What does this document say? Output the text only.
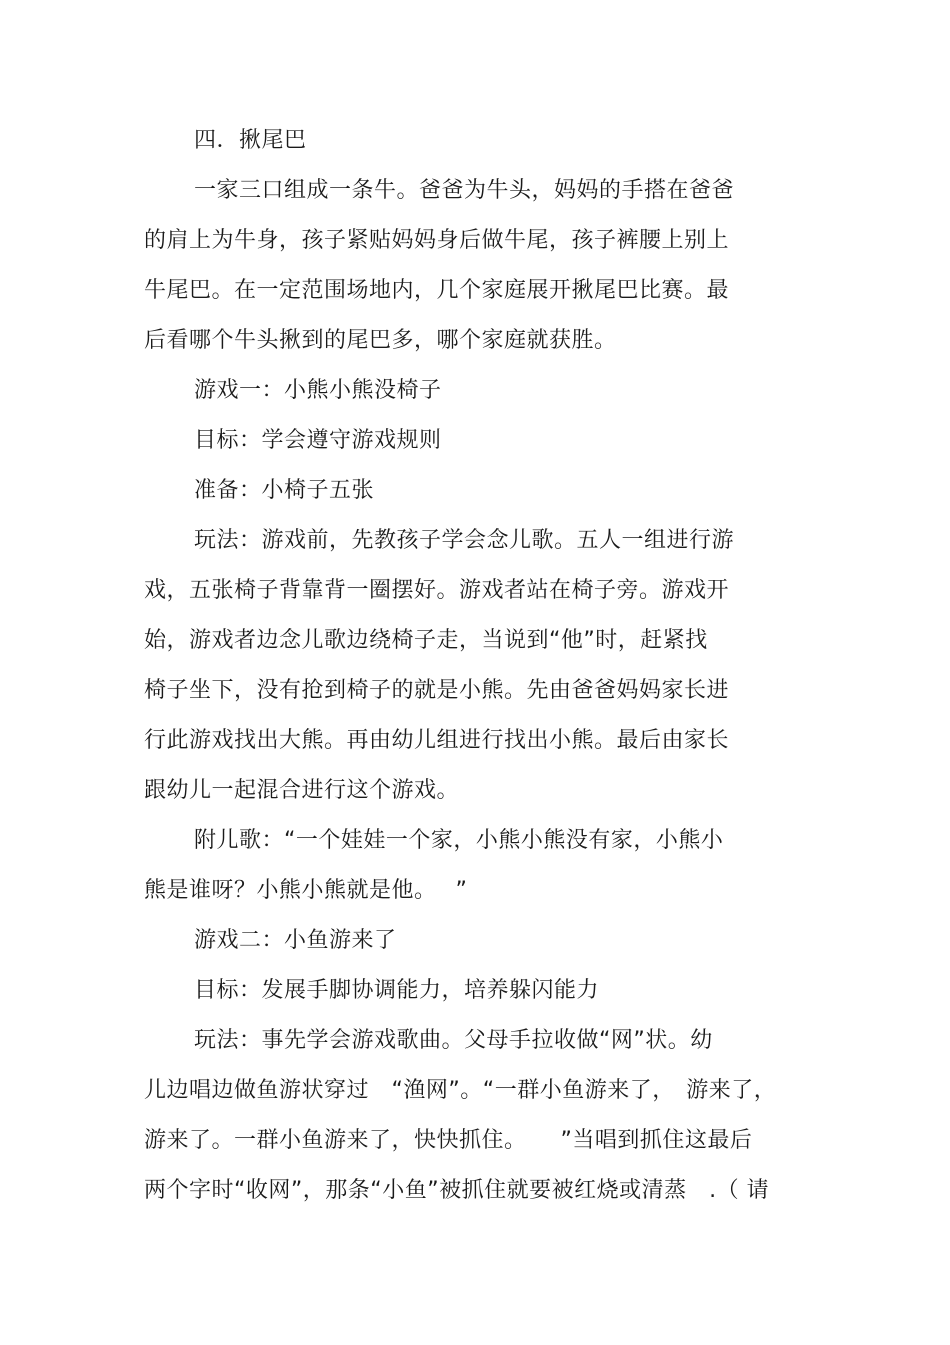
四．揪尾巴
一家三口组成一条牛。爸爸为牛头，妈妈的手搭在爸爸
的肩上为牛身，孩子紧贴妈妈身后做牛尾，孩子裤腰上别上
牛尾巴。在一定范围场地内，几个家庭展开揪尾巴比赛。最
后看哪个牛头揪到的尾巴多，哪个家庭就获胜。
游戏一：小熊小熊没椅子
目标：学会遵守游戏规则
准备：小椅子五张
玩法：游戏前，先教孩子学会念儿歌。五人一组进行游
戏，五张椅子背靠背一圈摆好。游戏者站在椅子旁。游戏开
始，游戏者边念儿歌边绕椅子走，当说到“他”时，赶紧找
椅子坐下，没有抢到椅子的就是小熊。先由爸爸妈妈家长进
行此游戏找出大熊。再由幼儿组进行找出小熊。最后由家长
跟幼儿一起混合进行这个游戏。
附儿歌：“一个娃娃一个家，小熊小熊没有家，小熊小
熊是谁呀？小熊小熊就是他。　 ”
游戏二：小鱼游来了
目标：发展手脚协调能力，培养躲闪能力
玩法：事先学会游戏歌曲。父母手拉收做“网”状。幼
儿边唱边做鱼游状穿过　“渔网”。“一群小鱼游来了，　游来了，
游来了。一群小鱼游来了，快快抓住。　　”当唱到抓住这最后
两个字时“收网”，那条“小鱼”被抓住就要被红烧或清蒸　.（ 请
